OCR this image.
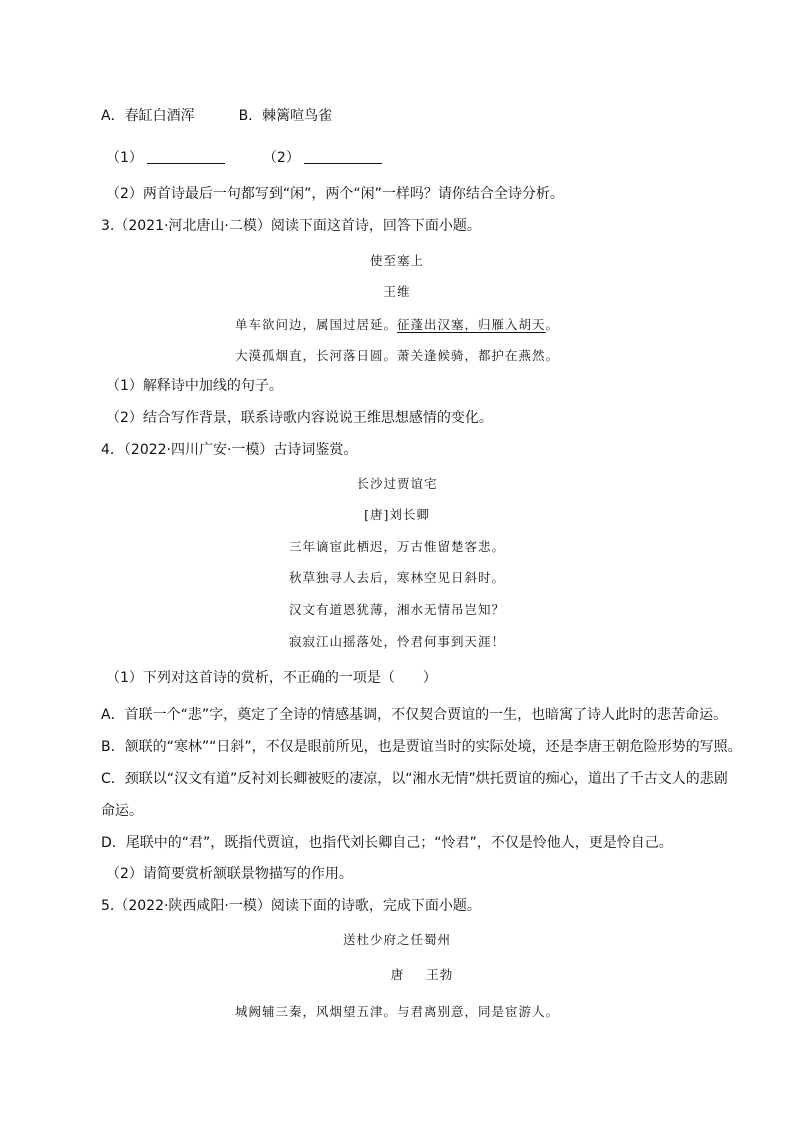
A．春缸白酒浑	B．棘篱喧鸟雀
（1）	（2）
（2）两首诗最后一句都写到“闲”，两个“闲”一样吗？请你结合全诗分析。
3.（2021·河北唐山·二模）阅读下面这首诗，回答下面小题。
使至塞上
王维
单车欲问边，属国过居延。征蓬出汉塞，归雁入胡天。
大漠孤烟直，长河落日圆。萧关逢候骑，都护在燕然。
（1）解释诗中加线的句子。
（2）结合写作背景，联系诗歌内容说说王维思想感情的变化。
4．（2022·四川广安·一模）古诗词鉴赏。
长沙过贾谊宅
[唐]刘长卿
三年谪宦此栖迟，万古惟留楚客悲。
秋草独寻人去后，寒林空见日斜时。
汉文有道恩犹薄，湘水无情吊岂知？
寂寂江山摇落处，怜君何事到天涯！
（1）下列对这首诗的赏析，不正确的一项是（　　）
A．首联一个“悲”字，奠定了全诗的情感基调，不仅契合贾谊的一生，也暗寓了诗人此时的悲苦命运。
B．颔联的“寒林”“日斜”，不仅是眼前所见，也是贾谊当时的实际处境，还是李唐王朝危险形势的写照。
C．颈联以“汉文有道”反衬刘长卿被贬的凄凉，以“湘水无情”烘托贾谊的痴心，道出了千古文人的悲剧
命运。
D．尾联中的“君”，既指代贾谊，也指代刘长卿自己；“怜君”，不仅是怜他人，更是怜自己。
（2）请简要赏析颔联景物描写的作用。
5.（2022·陕西咸阳·一模）阅读下面的诗歌，完成下面小题。
送杜少府之任蜀州
唐 王勃
城阙辅三秦，风烟望五津。与君离别意，同是宦游人。
